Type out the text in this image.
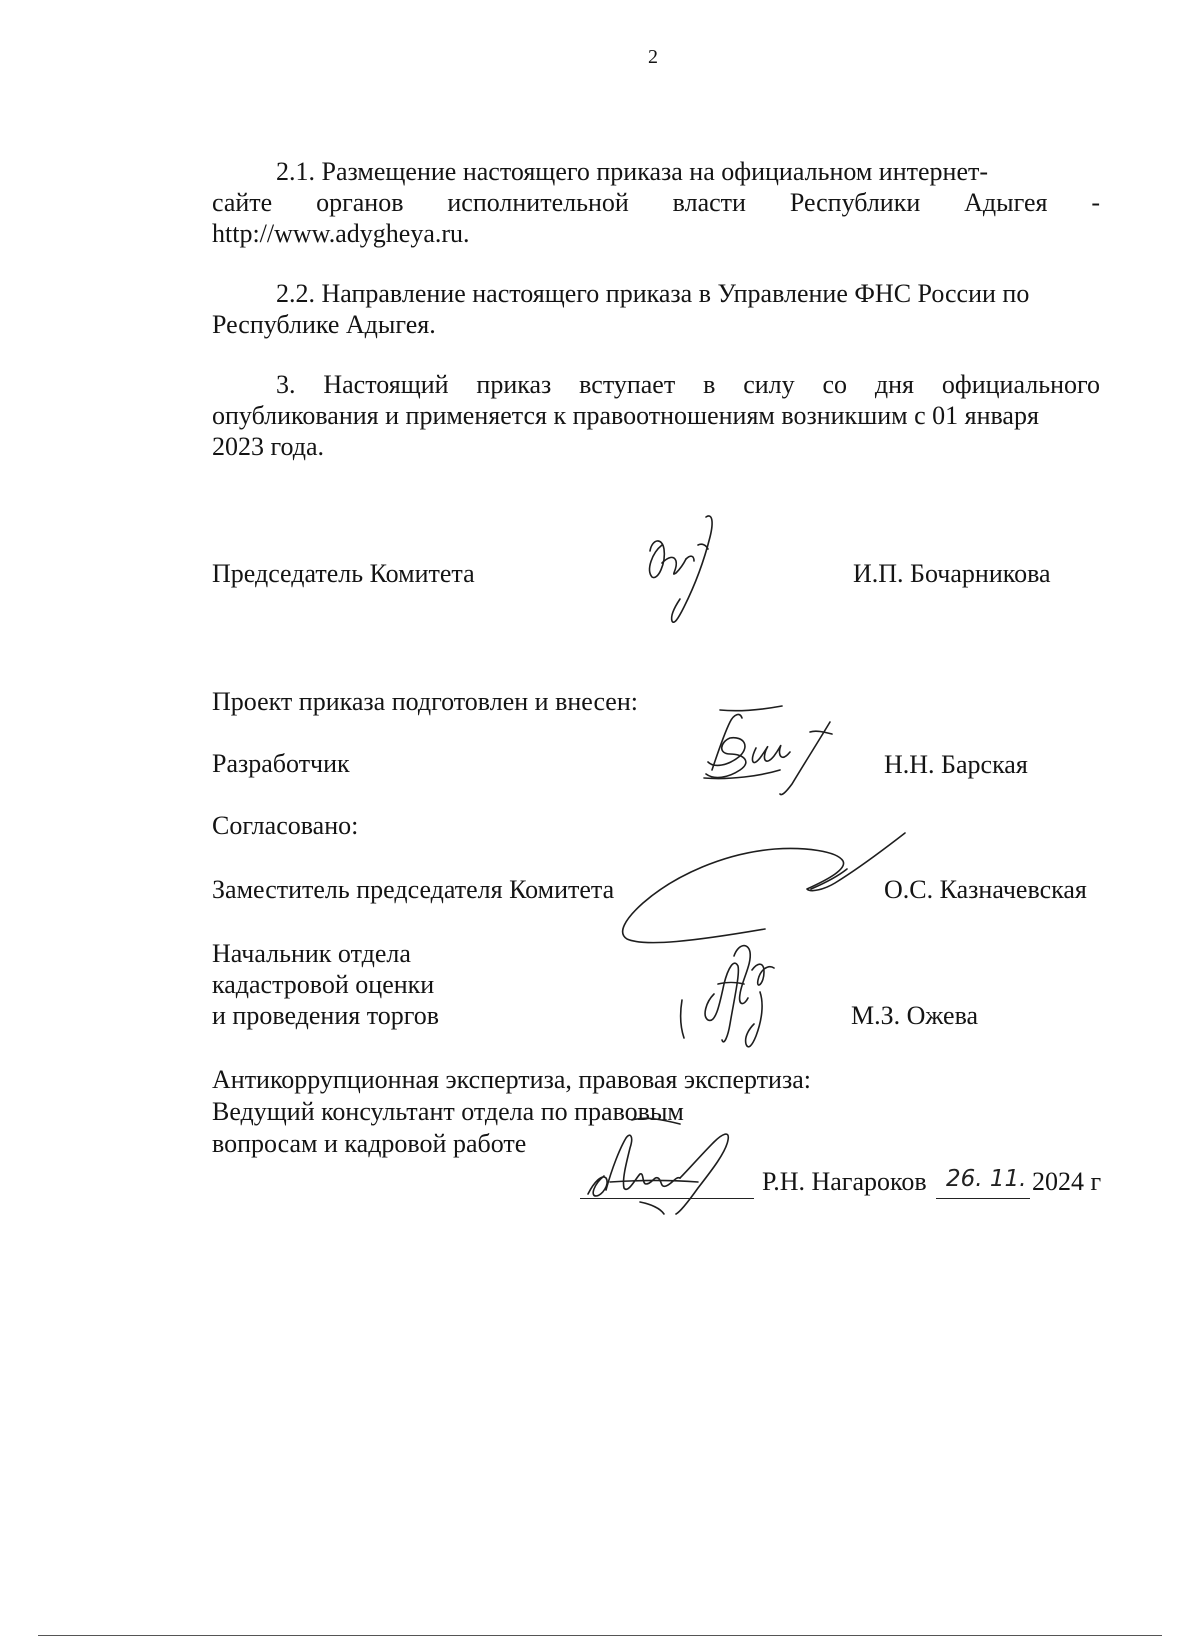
2
2.1. Размещение настоящего приказа на официальном интернет-
сайте органов исполнительной власти Республики Адыгея -
http://www.adygheya.ru.
2.2. Направление настоящего приказа в Управление ФНС России по
Республике Адыгея.
3. Настоящий приказ вступает в силу со дня официального
опубликования и применяется к правоотношениям возникшим с 01 января
2023 года.
Председатель Комитета	И.П. Бочарникова
Проект приказа подготовлен и внесен:
Разработчик	Н.Н. Барская
Согласовано:
Заместитель председателя Комитета	О.С. Казначевская
Начальник отдела
кадастровой оценки
и проведения торгов	М.З. Ожева
Антикоррупционная экспертиза, правовая экспертиза:
Ведущий консультант отдела по правовым
вопросам и кадровой работе
Р.Н. Нагароков 26. 11. 2024 г
